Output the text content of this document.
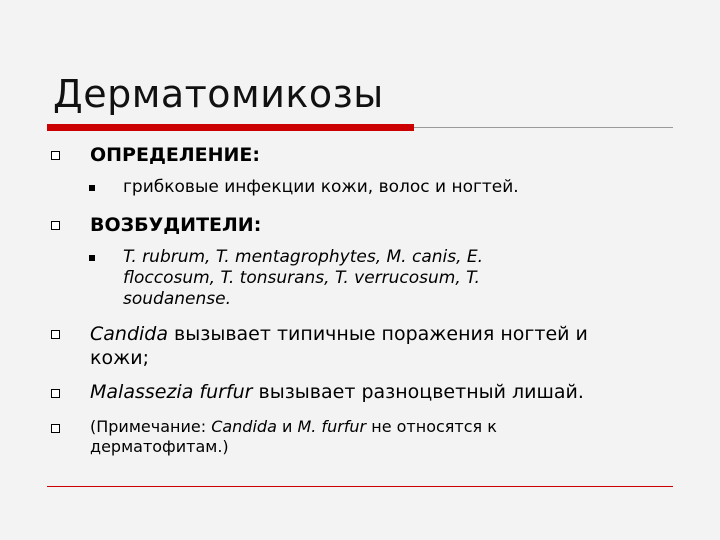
Дерматомикозы
ОПРЕДЕЛЕНИЕ:
грибковые инфекции кожи, волос и ногтей.
ВОЗБУДИТЕЛИ:
T. rubrum, T. mentagrophytes, M. canis, E.
floccosum, T. tonsurans, T. verrucosum, T.
soudanense.
Candida вызывает типичные поражения ногтей и
кожи;
Malassezia furfur вызывает разноцветный лишай.
(Примечание: Candida и M. furfur не относятся к
дерматофитам.)
